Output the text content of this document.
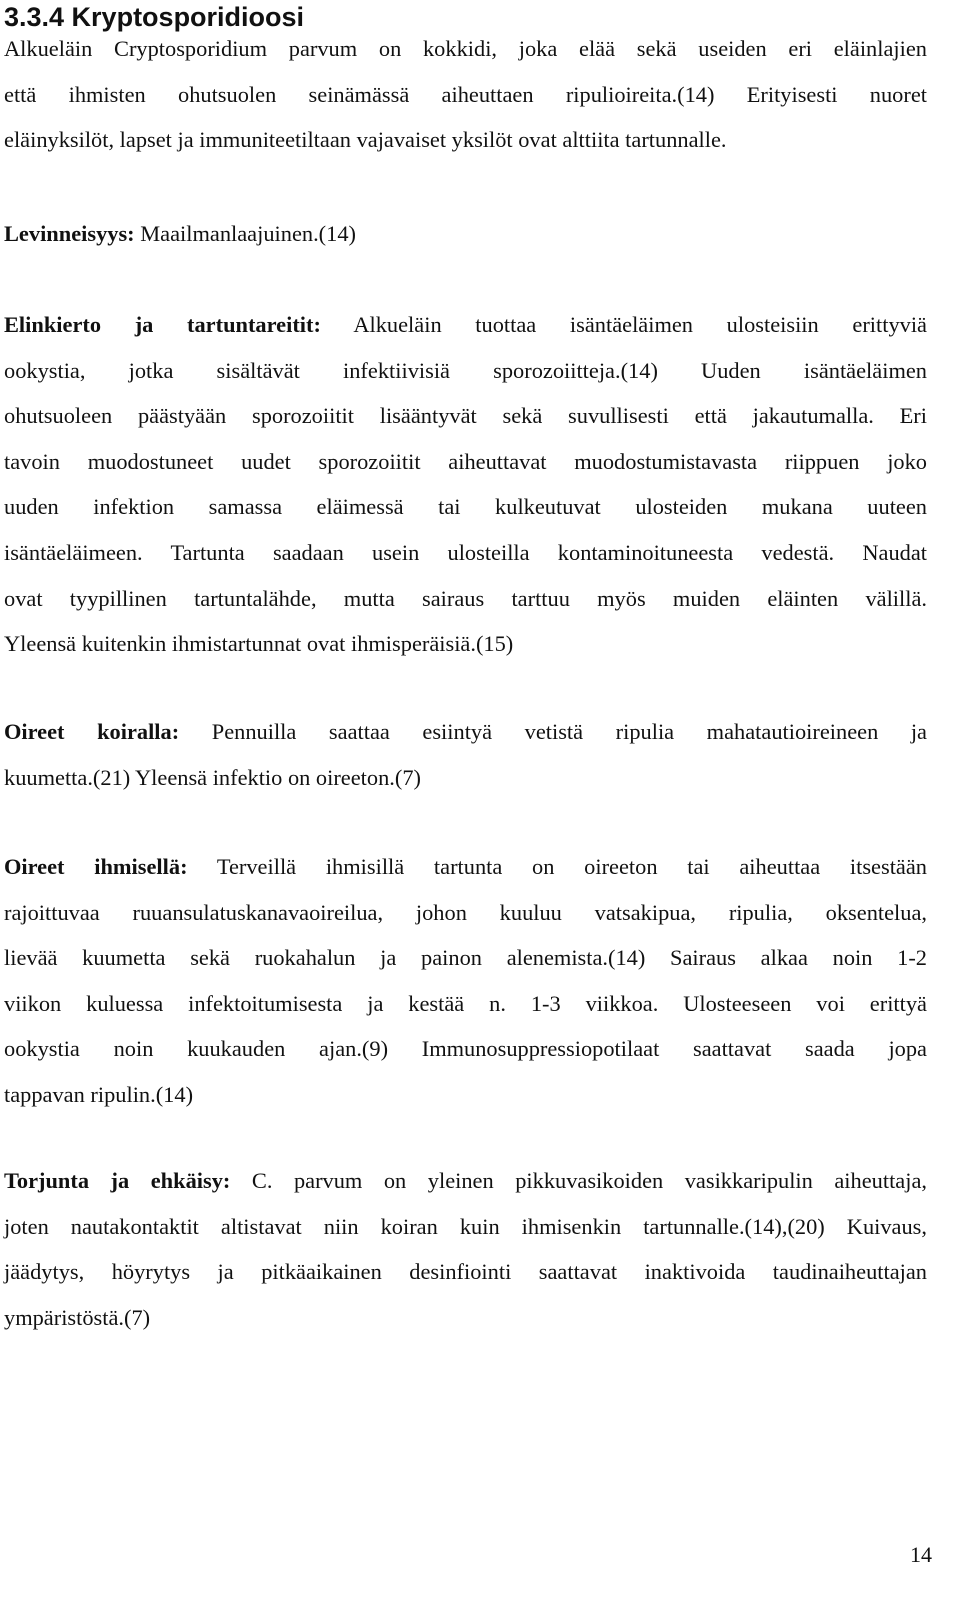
3.3.4 Kryptosporidioosi

Alkueläin Cryptosporidium parvum on kokkidi, joka elää sekä useiden eri eläinlajien
että ihmisten ohutsuolen seinämässä aiheuttaen ripulioireita.(14) Erityisesti nuoret
eläinyksilöt, lapset ja immuniteetiltaan vajavaiset yksilöt ovat alttiita tartunnalle.

Levinneisyys: Maailmanlaajuinen.(14)

Elinkierto ja tartuntareitit: Alkueläin tuottaa isäntäeläimen ulosteisiin erittyviä
ookystia, jotka sisältävät infektiivisiä sporozoiitteja.(14) Uuden isäntäeläimen
ohutsuoleen päästyään sporozoiitit lisääntyvät sekä suvullisesti että jakautumalla. Eri
tavoin muodostuneet uudet sporozoiitit aiheuttavat muodostumistavasta riippuen joko
uuden infektion samassa eläimessä tai kulkeutuvat ulosteiden mukana uuteen
isäntäeläimeen. Tartunta saadaan usein ulosteilla kontaminoituneesta vedestä. Naudat
ovat tyypillinen tartuntalähde, mutta sairaus tarttuu myös muiden eläinten välillä.
Yleensä kuitenkin ihmistartunnat ovat ihmisperäisiä.(15)

Oireet koiralla: Pennuilla saattaa esiintyä vetistä ripulia mahatautioireineen ja
kuumetta.(21) Yleensä infektio on oireeton.(7)

Oireet ihmisellä: Terveillä ihmisillä tartunta on oireeton tai aiheuttaa itsestään
rajoittuvaa ruuansulatuskanavaoireilua, johon kuuluu vatsakipua, ripulia, oksentelua,
lievää kuumetta sekä ruokahalun ja painon alenemista.(14) Sairaus alkaa noin 1-2
viikon kuluessa infektoitumisesta ja kestää n. 1-3 viikkoa. Ulosteeseen voi erittyä
ookystia noin kuukauden ajan.(9) Immunosuppressiopotilaat saattavat saada jopa
tappavan ripulin.(14)

Torjunta ja ehkäisy: C. parvum on yleinen pikkuvasikoiden vasikkaripulin aiheuttaja,
joten nautakontaktit altistavat niin koiran kuin ihmisenkin tartunnalle.(14),(20) Kuivaus,
jäädytys, höyrytys ja pitkäaikainen desinfiointi saattavat inaktivoida taudinaiheuttajan
ympäristöstä.(7)

14
